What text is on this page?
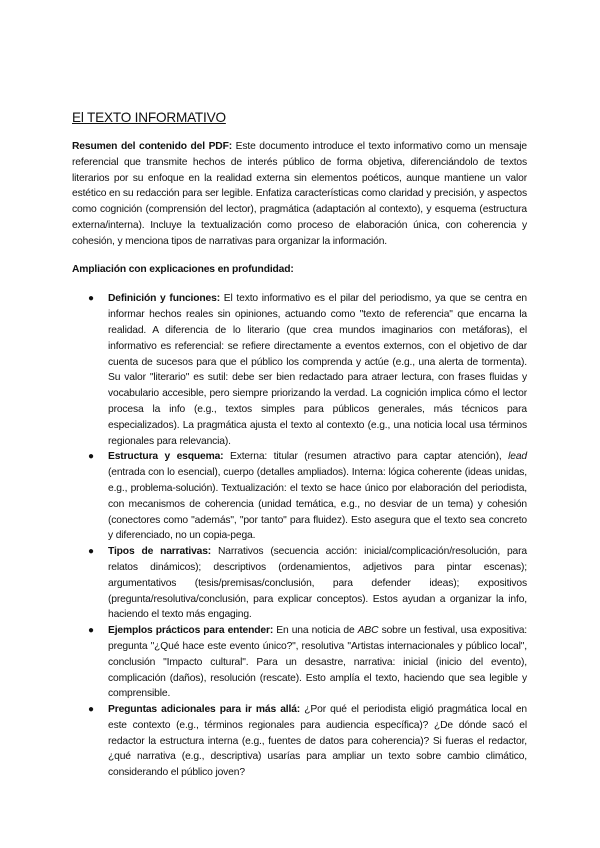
El TEXTO INFORMATIVO

Resumen del contenido del PDF: Este documento introduce el texto informativo como un mensaje referencial que transmite hechos de interés público de forma objetiva, diferenciándolo de textos literarios por su enfoque en la realidad externa sin elementos poéticos, aunque mantiene un valor estético en su redacción para ser legible. Enfatiza características como claridad y precisión, y aspectos como cognición (comprensión del lector), pragmática (adaptación al contexto), y esquema (estructura externa/interna). Incluye la textualización como proceso de elaboración única, con coherencia y cohesión, y menciona tipos de narrativas para organizar la información.

Ampliación con explicaciones en profundidad:

● Definición y funciones: El texto informativo es el pilar del periodismo, ya que se centra en informar hechos reales sin opiniones, actuando como "texto de referencia" que encarna la realidad. A diferencia de lo literario (que crea mundos imaginarios con metáforas), el informativo es referencial: se refiere directamente a eventos externos, con el objetivo de dar cuenta de sucesos para que el público los comprenda y actúe (e.g., una alerta de tormenta). Su valor "literario" es sutil: debe ser bien redactado para atraer lectura, con frases fluidas y vocabulario accesible, pero siempre priorizando la verdad. La cognición implica cómo el lector procesa la info (e.g., textos simples para públicos generales, más técnicos para especializados). La pragmática ajusta el texto al contexto (e.g., una noticia local usa términos regionales para relevancia).

● Estructura y esquema: Externa: titular (resumen atractivo para captar atención), lead (entrada con lo esencial), cuerpo (detalles ampliados). Interna: lógica coherente (ideas unidas, e.g., problema-solución). Textualización: el texto se hace único por elaboración del periodista, con mecanismos de coherencia (unidad temática, e.g., no desviar de un tema) y cohesión (conectores como "además", "por tanto" para fluidez). Esto asegura que el texto sea concreto y diferenciado, no un copia-pega.

● Tipos de narrativas: Narrativos (secuencia acción: inicial/complicación/resolución, para relatos dinámicos); descriptivos (ordenamientos, adjetivos para pintar escenas); argumentativos (tesis/premisas/conclusión, para defender ideas); expositivos (pregunta/resolutiva/conclusión, para explicar conceptos). Estos ayudan a organizar la info, haciendo el texto más engaging.

● Ejemplos prácticos para entender: En una noticia de ABC sobre un festival, usa expositiva: pregunta "¿Qué hace este evento único?", resolutiva "Artistas internacionales y público local", conclusión "Impacto cultural". Para un desastre, narrativa: inicial (inicio del evento), complicación (daños), resolución (rescate). Esto amplía el texto, haciendo que sea legible y comprensible.

● Preguntas adicionales para ir más allá: ¿Por qué el periodista eligió pragmática local en este contexto (e.g., términos regionales para audiencia específica)? ¿De dónde sacó el redactor la estructura interna (e.g., fuentes de datos para coherencia)? Si fueras el redactor, ¿qué narrativa (e.g., descriptiva) usarías para ampliar un texto sobre cambio climático, considerando el público joven?
